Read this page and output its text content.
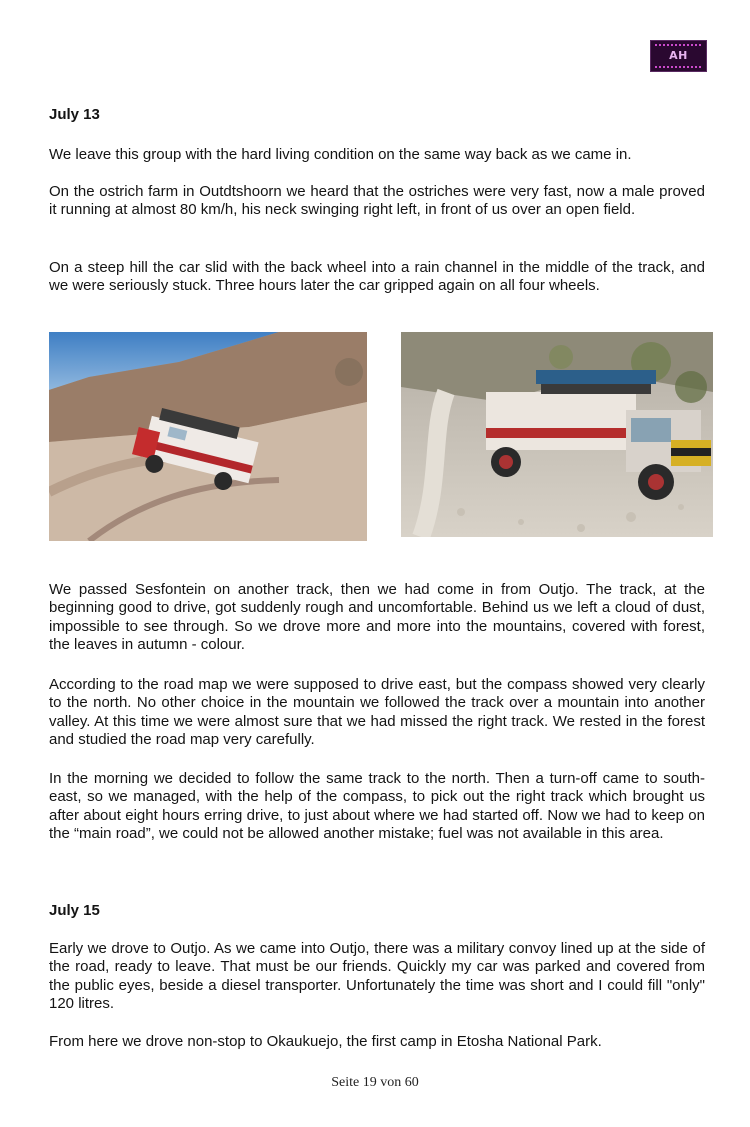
AH
July 13

We leave this group with the hard living condition on the same way back as we came in.

On the ostrich farm in Outdtshoorn we heard that the ostriches were very fast, now a male proved it running at almost 80 km/h, his neck swinging right left, in front of us over an open field.

On a steep hill the car slid with the back wheel into a rain channel in the middle of the track, and we were seriously stuck. Three hours later the car gripped again on all four wheels.

We passed Sesfontein on another track, then we had come in from Outjo. The track, at the beginning good to drive, got suddenly rough and uncomfortable. Behind us we left a cloud of dust, impossible to see through. So we drove more and more into the mountains, covered with forest, the leaves in autumn - colour.

According to the road map we were supposed to drive east, but the compass showed very clearly to the north. No other choice in the mountain we followed the track over a mountain into another valley. At this time we were almost sure that we had missed the right track. We rested in the forest and studied the road map very carefully.

In the morning we decided to follow the same track to the north. Then a turn-off came to south-east, so we managed, with the help of the compass, to pick out the right track which brought us after about eight hours erring drive, to just about where we had started off. Now we had to keep on the “main road”, we could not be allowed another mistake; fuel was not available in this area.

July 15

Early we drove to Outjo. As we came into Outjo, there was a military convoy lined up at the side of the road, ready to leave. That must be our friends. Quickly my car was parked and covered from the public eyes, beside a diesel transporter. Unfortunately the time was short and I could fill "only" 120 litres.

From here we drove non-stop to Okaukuejo, the first camp in Etosha National Park.

Seite 19 von 60
